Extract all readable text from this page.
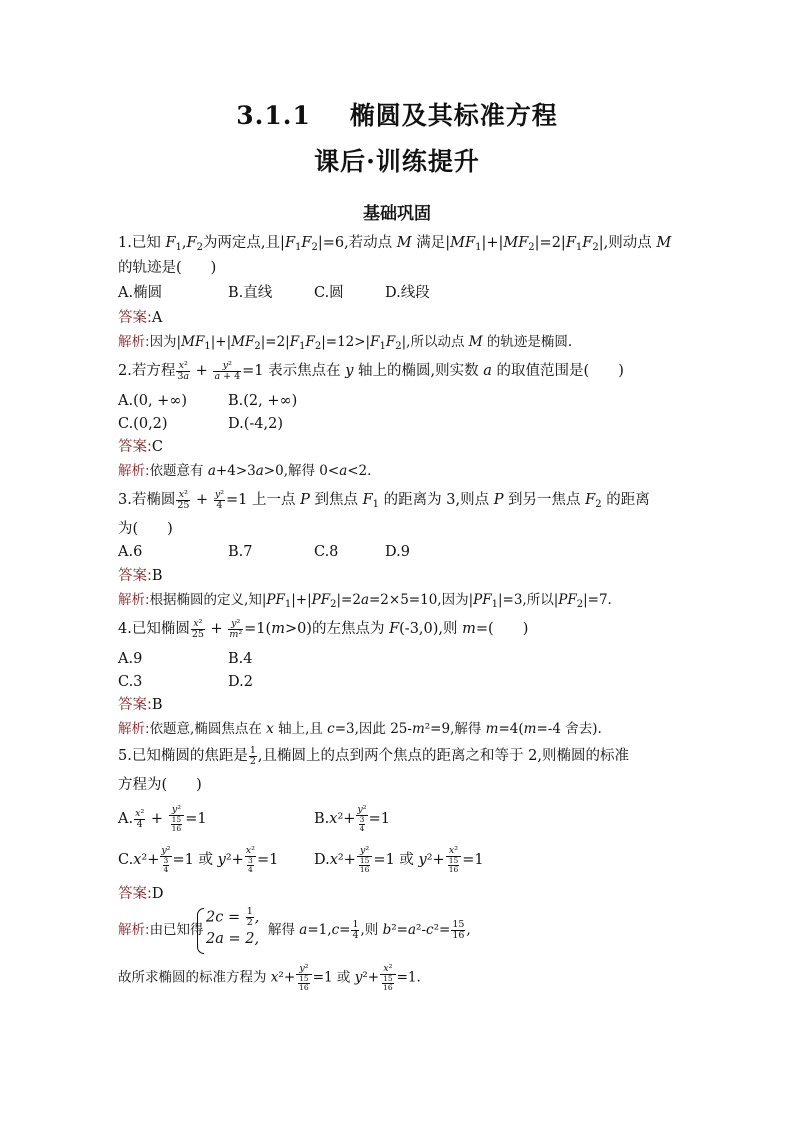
3.1.1 椭圆及其标准方程
课后·训练提升
基础巩固
1.已知 $F_1,F_2$为两定点,且$|F_1F_2|=6$,若动点 M 满足$|MF_1|+|MF_2|=2|F_1F_2|$,则动点 M
的轨迹是(　　)
A.椭圆	B.直线	C.圆	D.线段
答案:A
解析:因为$|MF_1|+|MF_2|=2|F_1F_2|=12>|F_1F_2|$,所以动点 M 的轨迹是椭圆.
2.若方程 $\frac{\text{x²}}{3a} + \frac{\text{y²}}{a + 4} =1$ 表示焦点在 y 轴上的椭圆,则实数 a 的取值范围是(　　)
A.(0, +∞)	B.(2, +∞)
C.(0,2)	D.(-4,2)
答案:C
解析:依题意有 a+4>3a>0,解得 0<a<2.
3.若椭圆 $\frac{\text{x²}}{25} + \frac{\text{y²}}{4} =1$ 上一点 P 到焦点 $F_1$ 的距离为 3,则点 P 到另一焦点 $F_2$ 的距离
为(　　)
A.6	B.7	C.8	D.9
答案:B
解析:根据椭圆的定义,知$|PF_1|+|PF_2|=2a=2\times 5=10$,因为$|PF_1|=3$,所以$|PF_2|=7$.
4.已知椭圆 $\frac{\text{x²}}{25} + \frac{\text{y²}}{\text{m²}} =1(m>0)$的左焦点为 F(-3,0),则 m=(　　)
A.9	B.4
C.3	D.2
答案:B
解析:依题意,椭圆焦点在 x 轴上,且 c=3,因此 25-m²=9,解得 m=4(m=-4 舍去).
5.已知椭圆的焦距是 $\frac{1}{2}$ ,且椭圆上的点到两个焦点的距离之和等于 2,则椭圆的标准
方程为(　　)
A. $\frac{\text{x²}}{4} + \frac{\text{y²}}{\frac{15}{16}} =1$	$B.x^2+ \frac{\text{y²}}{\frac{3}{4}} =1$
$C.x^2+ \frac{\text{y²}}{\frac{3}{4}} =1$ 或 $y^2+ \frac{\text{x²}}{\frac{3}{4}} =1$ $D.x^2+ \frac{\text{y²}}{\frac{15}{16}} =1$ 或 $y^2+ \frac{\text{x²}}{\frac{15}{16}} =1$
答案:D
解析:由已知得
$2c = \frac{1}{2}$ ,
2a = 2,
解得 $a=1,c= \frac{1}{4}$ ,则 $b^2=a^2-c^2= \frac{15}{16}$ ,
故所求椭圆的标准方程为 $x^2+ \frac{\text{y²}}{\frac{15}{16}} =1$ 或 $y^2+ \frac{\text{x²}}{\frac{15}{16}} =1$.
